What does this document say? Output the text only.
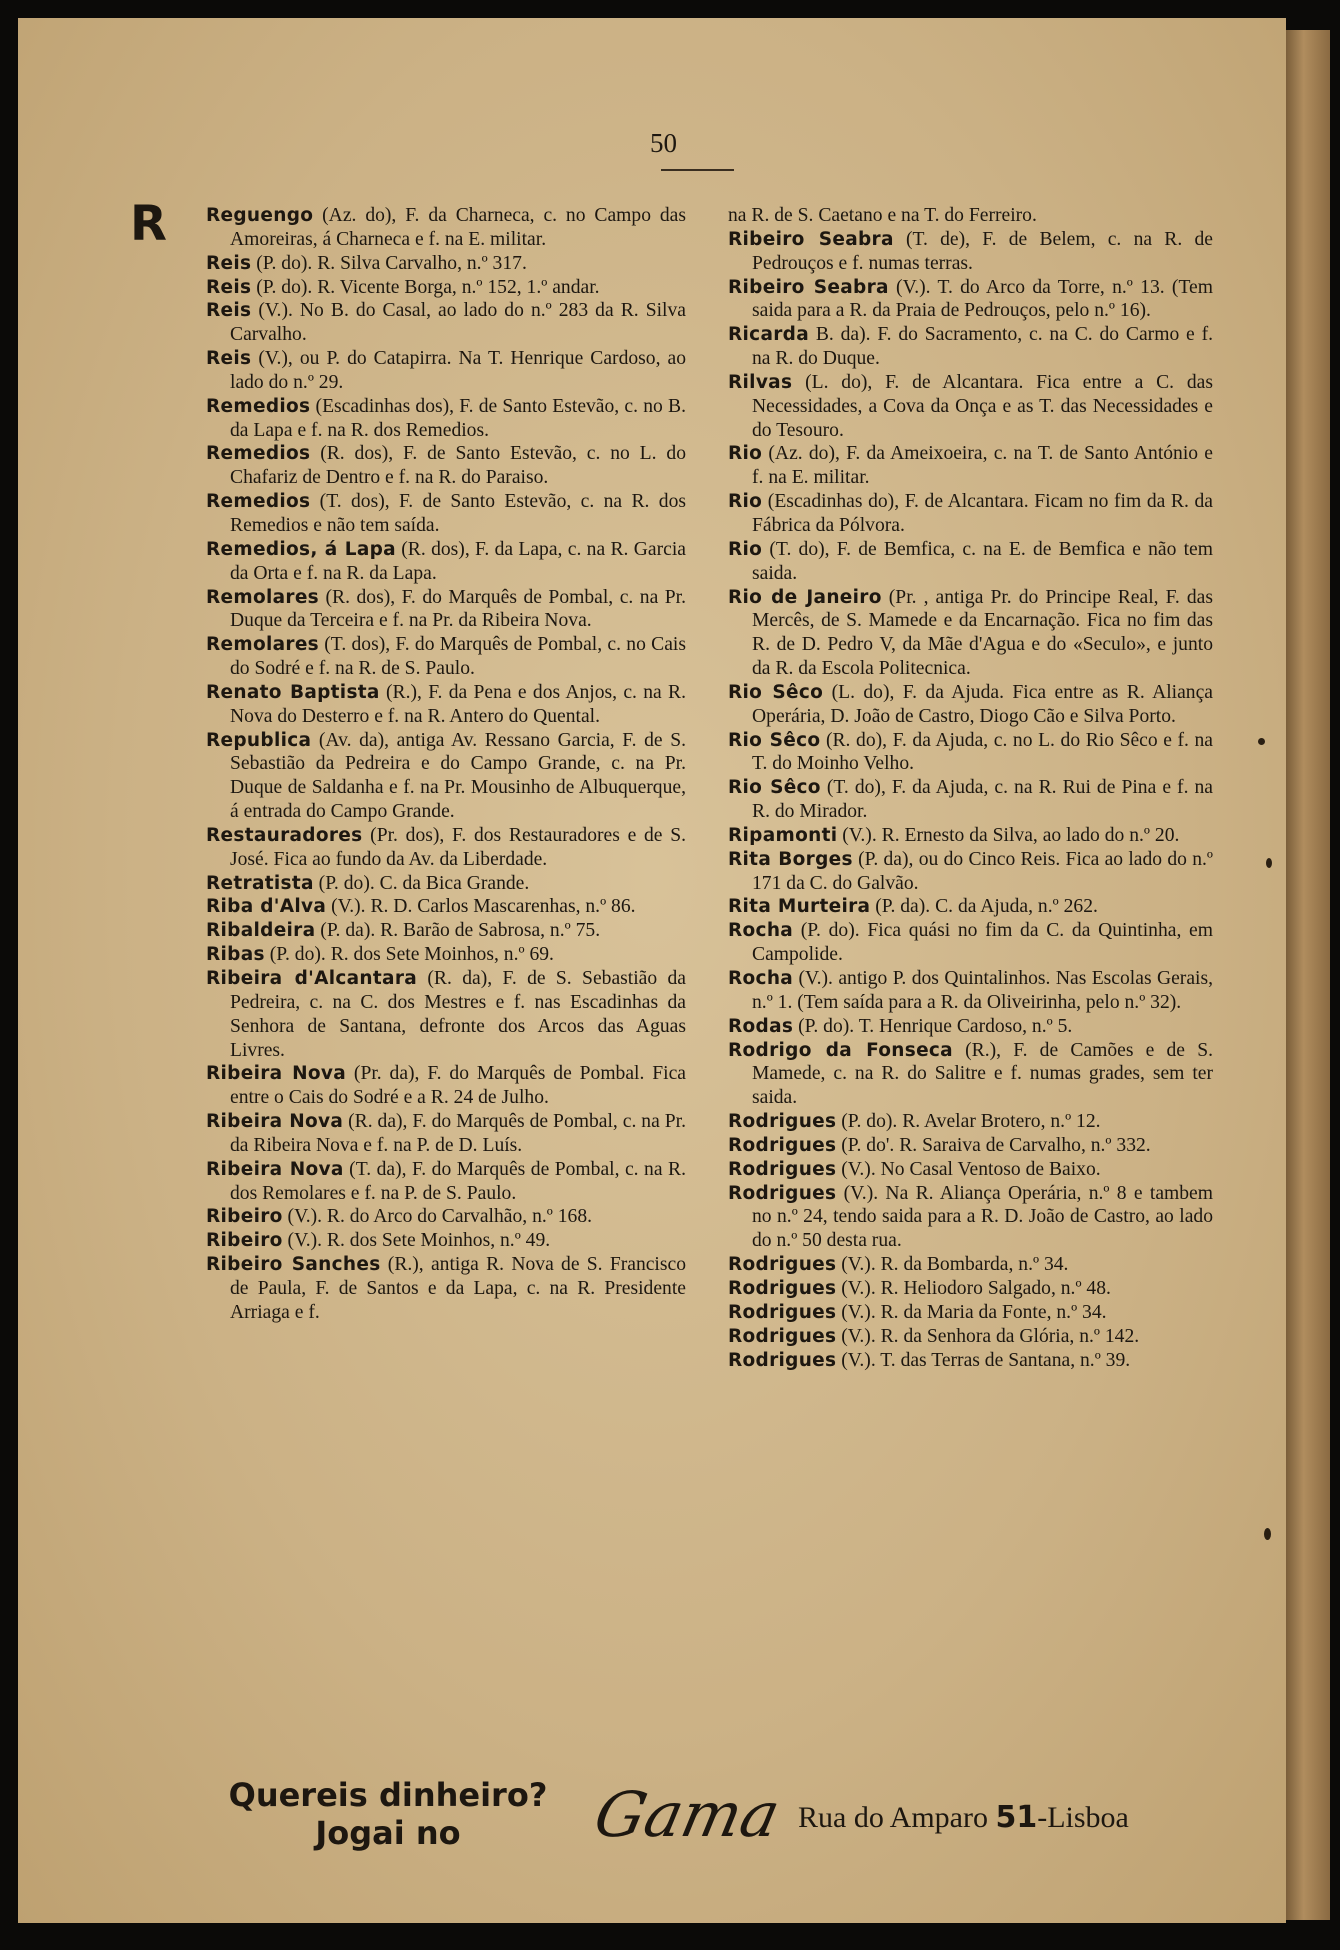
50
R Reguengo (Az. do), F. da Charneca, c. no Campo das Amoreiras, á Charneca e f. na E. militar.

Reis (P. do). R. Silva Carvalho, n.º 317.

Reis (P. do). R. Vicente Borga, n.º 152, 1.º andar.

Reis (V.). No B. do Casal, ao lado do n.º 283 da R. Silva Carvalho.

Reis (V.), ou P. do Catapirra. Na T. Henrique Cardoso, ao lado do n.º 29.

Remedios (Escadinhas dos), F. de Santo Estevão, c. no B. da Lapa e f. na R. dos Remedios.

Remedios (R. dos), F. de Santo Estevão, c. no L. do Chafariz de Dentro e f. na R. do Paraiso.

Remedios (T. dos), F. de Santo Estevão, c. na R. dos Remedios e não tem saída.

Remedios, á Lapa (R. dos), F. da Lapa, c. na R. Garcia da Orta e f. na R. da Lapa.

Remolares (R. dos), F. do Marquês de Pombal, c. na Pr. Duque da Terceira e f. na Pr. da Ribeira Nova.

Remolares (T. dos), F. do Marquês de Pombal, c. no Cais do Sodré e f. na R. de S. Paulo.

Renato Baptista (R.), F. da Pena e dos Anjos, c. na R. Nova do Desterro e f. na R. Antero do Quental.

Republica (Av. da), antiga Av. Ressano Garcia, F. de S. Sebastião da Pedreira e do Campo Grande, c. na Pr. Duque de Saldanha e f. na Pr. Mousinho de Albuquerque, á entrada do Campo Grande.

Restauradores (Pr. dos), F. dos Restauradores e de S. José. Fica ao fundo da Av. da Liberdade.

Retratista (P. do). C. da Bica Grande.

Riba d'Alva (V.). R. D. Carlos Mascarenhas, n.º 86.

Ribaldeira (P. da). R. Barão de Sabrosa, n.º 75.

Ribas (P. do). R. dos Sete Moinhos, n.º 69.

Ribeira d'Alcantara (R. da), F. de S. Sebastião da Pedreira, c. na C. dos Mestres e f. nas Escadinhas da Senhora de Santana, defronte dos Arcos das Aguas Livres.

Ribeira Nova (Pr. da), F. do Marquês de Pombal. Fica entre o Cais do Sodré e a R. 24 de Julho.

Ribeira Nova (R. da), F. do Marquês de Pombal, c. na Pr. da Ribeira Nova e f. na P. de D. Luís.

Ribeira Nova (T. da), F. do Marquês de Pombal, c. na R. dos Remolares e f. na P. de S. Paulo.

Ribeiro (V.). R. do Arco do Carvalhão, n.º 168.

Ribeiro (V.). R. dos Sete Moinhos, n.º 49.

Ribeiro Sanches (R.), antiga R. Nova de S. Francisco de Paula, F. de Santos e da Lapa, c. na R. Presidente Arriaga e f.

na R. de S. Caetano e na T. do Ferreiro.

Ribeiro Seabra (T. de), F. de Belem, c. na R. de Pedrouços e f. numas terras.

Ribeiro Seabra (V.). T. do Arco da Torre, n.º 13. (Tem saida para a R. da Praia de Pedrouços, pelo n.º 16).

Ricarda B. da). F. do Sacramento, c. na C. do Carmo e f. na R. do Duque.

Rilvas (L. do), F. de Alcantara. Fica entre a C. das Necessidades, a Cova da Onça e as T. das Necessidades e do Tesouro.

Rio (Az. do), F. da Ameixoeira, c. na T. de Santo António e f. na E. militar.

Rio (Escadinhas do), F. de Alcantara. Ficam no fim da R. da Fábrica da Pólvora.

Rio (T. do), F. de Bemfica, c. na E. de Bemfica e não tem saida.

Rio de Janeiro (Pr. , antiga Pr. do Principe Real, F. das Mercês, de S. Mamede e da Encarnação. Fica no fim das R. de D. Pedro V, da Mãe d'Agua e do «Seculo», e junto da R. da Escola Politecnica.

Rio Sêco (L. do), F. da Ajuda. Fica entre as R. Aliança Operária, D. João de Castro, Diogo Cão e Silva Porto.

Rio Sêco (R. do), F. da Ajuda, c. no L. do Rio Sêco e f. na T. do Moinho Velho.

Rio Sêco (T. do), F. da Ajuda, c. na R. Rui de Pina e f. na R. do Mirador.

Ripamonti (V.). R. Ernesto da Silva, ao lado do n.º 20.

Rita Borges (P. da), ou do Cinco Reis. Fica ao lado do n.º 171 da C. do Galvão.

Rita Murteira (P. da). C. da Ajuda, n.º 262.

Rocha (P. do). Fica quási no fim da C. da Quintinha, em Campolide.

Rocha (V.). antigo P. dos Quintalinhos. Nas Escolas Gerais, n.º 1. (Tem saída para a R. da Oliveirinha, pelo n.º 32).

Rodas (P. do). T. Henrique Cardoso, n.º 5.

Rodrigo da Fonseca (R.), F. de Camões e de S. Mamede, c. na R. do Salitre e f. numas grades, sem ter saida.

Rodrigues (P. do). R. Avelar Brotero, n.º 12.

Rodrigues (P. do'. R. Saraiva de Carvalho, n.º 332.

Rodrigues (V.). No Casal Ventoso de Baixo.

Rodrigues (V.). Na R. Aliança Operária, n.º 8 e tambem no n.º 24, tendo saida para a R. D. João de Castro, ao lado do n.º 50 desta rua.

Rodrigues (V.). R. da Bombarda, n.º 34.

Rodrigues (V.). R. Heliodoro Salgado, n.º 48.

Rodrigues (V.). R. da Maria da Fonte, n.º 34.

Rodrigues (V.). R. da Senhora da Glória, n.º 142.

Rodrigues (V.). T. das Terras de Santana, n.º 39.

Quereis dinheiro?
Jogai no	Gama Rua do Amparo 51-Lisboa
